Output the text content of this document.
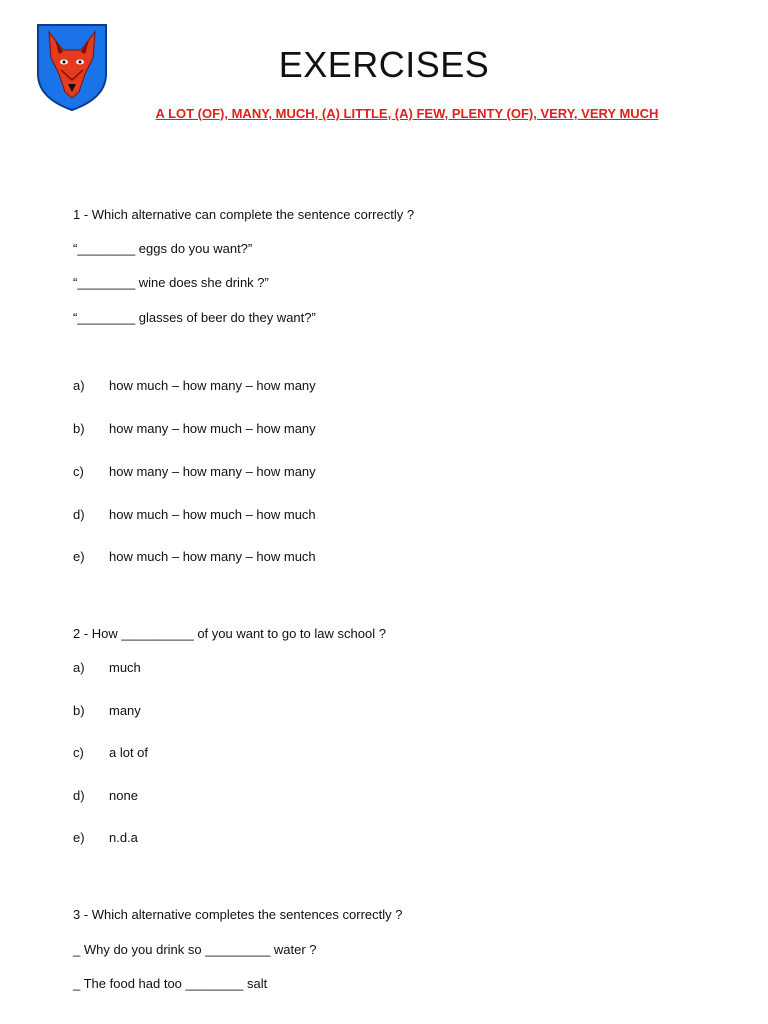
EXERCISES
A LOT (OF), MANY, MUCH, (A) LITTLE, (A) FEW, PLENTY (OF), VERY, VERY MUCH
1 - Which alternative can complete the sentence correctly ?
“________ eggs do you want?”
“________ wine does she drink ?”
“________ glasses of beer do they want?”
a) how much – how many – how many
b) how many – how much – how many
c) how many – how many – how many
d) how much – how much – how much
e) how much – how many – how much
2 - How __________ of you want to go to law school ?
a) much
b) many
c) a lot of
d) none
e) n.d.a
3 - Which alternative completes the sentences correctly ?
_ Why do you drink so _________ water ?
_ The food had too ________ salt
